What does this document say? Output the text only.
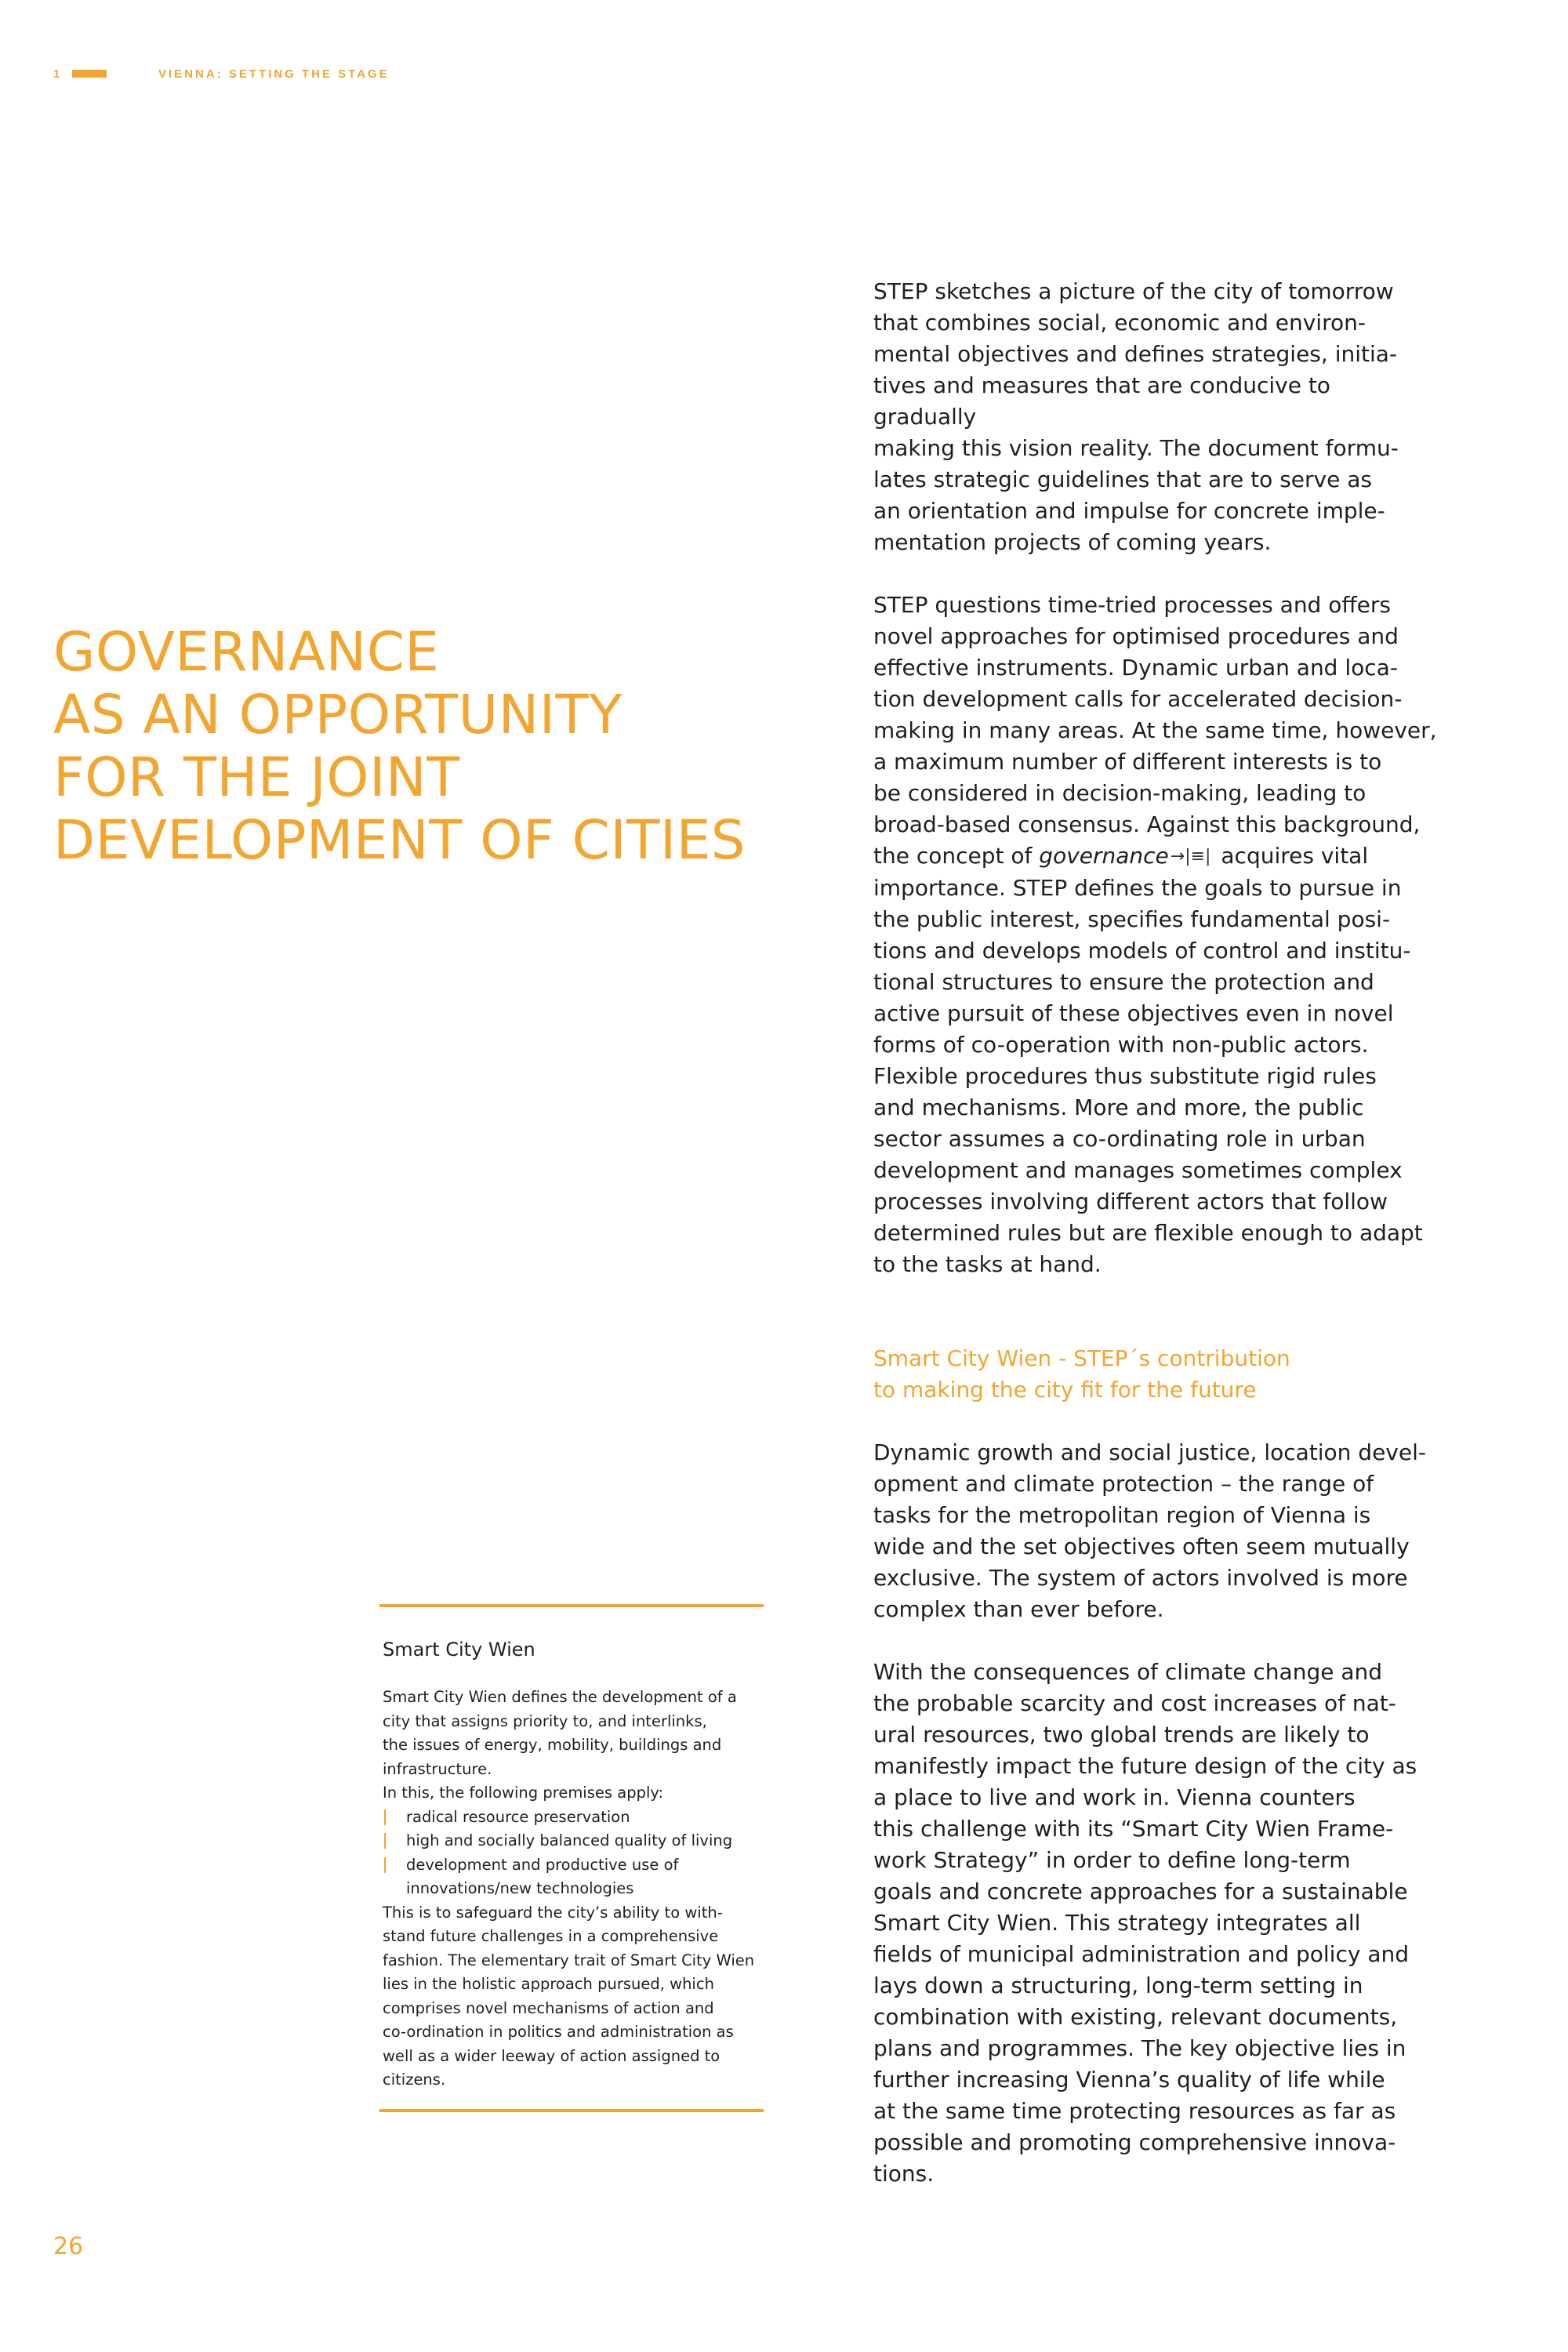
1	VIENNA: SETTING THE STAGE
GOVERNANCE
AS AN OPPORTUNITY
FOR THE JOINT
DEVELOPMENT OF CITIES

STEP sketches a picture of the city of tomorrow
that combines social, economic and environ-
mental objectives and defines strategies, initia-
tives and measures that are conducive to gradually
making this vision reality. The document formu-
lates strategic guidelines that are to serve as
an orientation and impulse for concrete imple-
mentation projects of coming years.

STEP questions time-tried processes and offers
novel approaches for optimised procedures and
effective instruments. Dynamic urban and loca-
tion development calls for accelerated decision-
making in many areas. At the same time, however,
a maximum number of different interests is to
be considered in decision-making, leading to
broad-based consensus. Against this background,
the concept of governance→|≡| acquires vital
importance. STEP defines the goals to pursue in
the public interest, specifies fundamental posi-
tions and develops models of control and institu-
tional structures to ensure the protection and
active pursuit of these objectives even in novel
forms of co-operation with non-public actors.
Flexible procedures thus substitute rigid rules
and mechanisms. More and more, the public
sector assumes a co-ordinating role in urban
development and manages sometimes complex
processes involving different actors that follow
determined rules but are flexible enough to adapt
to the tasks at hand.

Smart City Wien - STEP´s contribution
to making the city fit for the future

Dynamic growth and social justice, location devel-
opment and climate protection – the range of
tasks for the metropolitan region of Vienna is
wide and the set objectives often seem mutually
exclusive. The system of actors involved is more
complex than ever before.

With the consequences of climate change and
the probable scarcity and cost increases of nat-
ural resources, two global trends are likely to
manifestly impact the future design of the city as
a place to live and work in. Vienna counters
this challenge with its “Smart City Wien Frame-
work Strategy” in order to define long-term
goals and concrete approaches for a sustainable
Smart City Wien. This strategy integrates all
fields of municipal administration and policy and
lays down a structuring, long-term setting in
combination with existing, relevant documents,
plans and programmes. The key objective lies in
further increasing Vienna’s quality of life while
at the same time protecting resources as far as
possible and promoting comprehensive innova-
tions.

Smart City Wien

Smart City Wien defines the development of a
city that assigns priority to, and interlinks,
the issues of energy, mobility, buildings and
infrastructure.
In this, the following premises apply:

radical resource preservation
high and socially balanced quality of living
development and productive use of
innovations/new technologies

This is to safeguard the city’s ability to with-
stand future challenges in a comprehensive
fashion. The elementary trait of Smart City Wien
lies in the holistic approach pursued, which
comprises novel mechanisms of action and
co-ordination in politics and administration as
well as a wider leeway of action assigned to
citizens.

26
